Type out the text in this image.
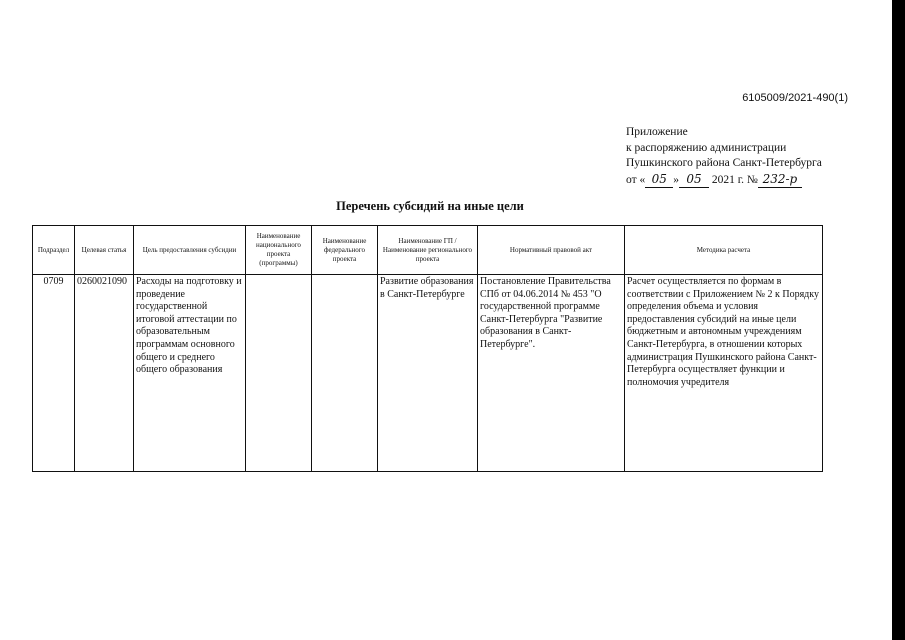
6105009/2021-490(1)
Приложение
к распоряжению администрации
Пушкинского района Санкт-Петербурга
от « 05 » 05 2021 г. № 232-р
Перечень субсидий на иные цели
Подраздел	Целевая статья	Цель предоставления субсидии	Наименование национального проекта (программы)	Наименование федерального проекта	Наименование ГП / Наименование регионального проекта	Нормативный правовой акт	Методика расчета
0709	0260021090	Расходы на подготовку и проведение государственной итоговой аттестации по образовательным программам основного общего и среднего общего образования			Развитие образования в Санкт-Петербурге	Постановление Правительства СПб от 04.06.2014 № 453 "О государственной программе Санкт-Петербурга "Развитие образования в Санкт-Петербурге".	Расчет осуществляется по формам в соответствии с Приложением № 2 к Порядку определения объема и условия предоставления субсидий на иные цели бюджетным и автономным учреждениям Санкт-Петербурга, в отношении которых администрация Пушкинского района Санкт-Петербурга осуществляет функции и полномочия учредителя
